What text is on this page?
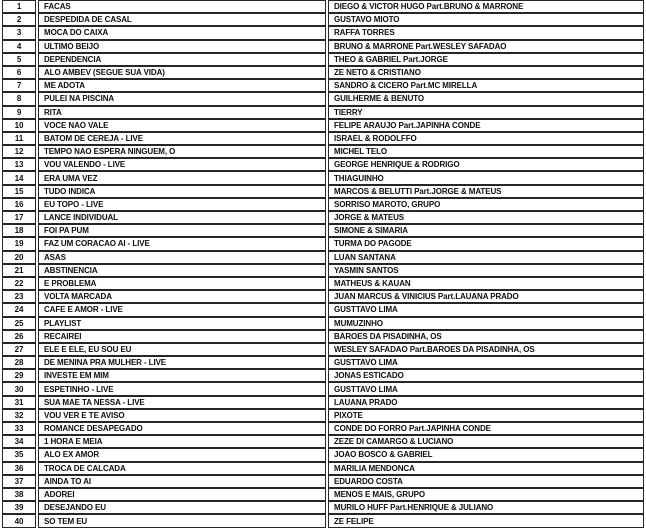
1	FACAS	DIEGO & VICTOR HUGO Part.BRUNO & MARRONE
2	DESPEDIDA DE CASAL	GUSTAVO MIOTO
3	MOCA DO CAIXA	RAFFA TORRES
4	ULTIMO BEIJO	BRUNO & MARRONE Part.WESLEY SAFADAO
5	DEPENDENCIA	THEO & GABRIEL Part.JORGE
6	ALO AMBEV (SEGUE SUA VIDA)	ZE NETO & CRISTIANO
7	ME ADOTA	SANDRO & CICERO Part.MC MIRELLA
8	PULEI NA PISCINA	GUILHERME & BENUTO
9	RITA	TIERRY
10	VOCE NAO VALE	FELIPE ARAUJO Part.JAPINHA CONDE
11	BATOM DE CEREJA - LIVE	ISRAEL & RODOLFFO
12	TEMPO NAO ESPERA NINGUEM, O	MICHEL TELO
13	VOU VALENDO - LIVE	GEORGE HENRIQUE & RODRIGO
14	ERA UMA VEZ	THIAGUINHO
15	TUDO INDICA	MARCOS & BELUTTI Part.JORGE & MATEUS
16	EU TOPO - LIVE	SORRISO MAROTO, GRUPO
17	LANCE INDIVIDUAL	JORGE & MATEUS
18	FOI PA PUM	SIMONE & SIMARIA
19	FAZ UM CORACAO AI - LIVE	TURMA DO PAGODE
20	ASAS	LUAN SANTANA
21	ABSTINENCIA	YASMIN SANTOS
22	E PROBLEMA	MATHEUS & KAUAN
23	VOLTA MARCADA	JUAN MARCUS & VINICIUS Part.LAUANA PRADO
24	CAFE E AMOR - LIVE	GUSTTAVO LIMA
25	PLAYLIST	MUMUZINHO
26	RECAIREI	BAROES DA PISADINHA, OS
27	ELE E ELE, EU SOU EU	WESLEY SAFADAO Part.BAROES DA PISADINHA, OS
28	DE MENINA PRA MULHER - LIVE	GUSTTAVO LIMA
29	INVESTE EM MIM	JONAS ESTICADO
30	ESPETINHO - LIVE	GUSTTAVO LIMA
31	SUA MAE TA NESSA - LIVE	LAUANA PRADO
32	VOU VER E TE AVISO	PIXOTE
33	ROMANCE DESAPEGADO	CONDE DO FORRO Part.JAPINHA CONDE
34	1 HORA E MEIA	ZEZE DI CAMARGO & LUCIANO
35	ALO EX AMOR	JOAO BOSCO & GABRIEL
36	TROCA DE CALCADA	MARILIA MENDONCA
37	AINDA TO AI	EDUARDO COSTA
38	ADOREI	MENOS E MAIS, GRUPO
39	DESEJANDO EU	MURILO HUFF Part.HENRIQUE & JULIANO
40	SO TEM EU	ZE FELIPE
